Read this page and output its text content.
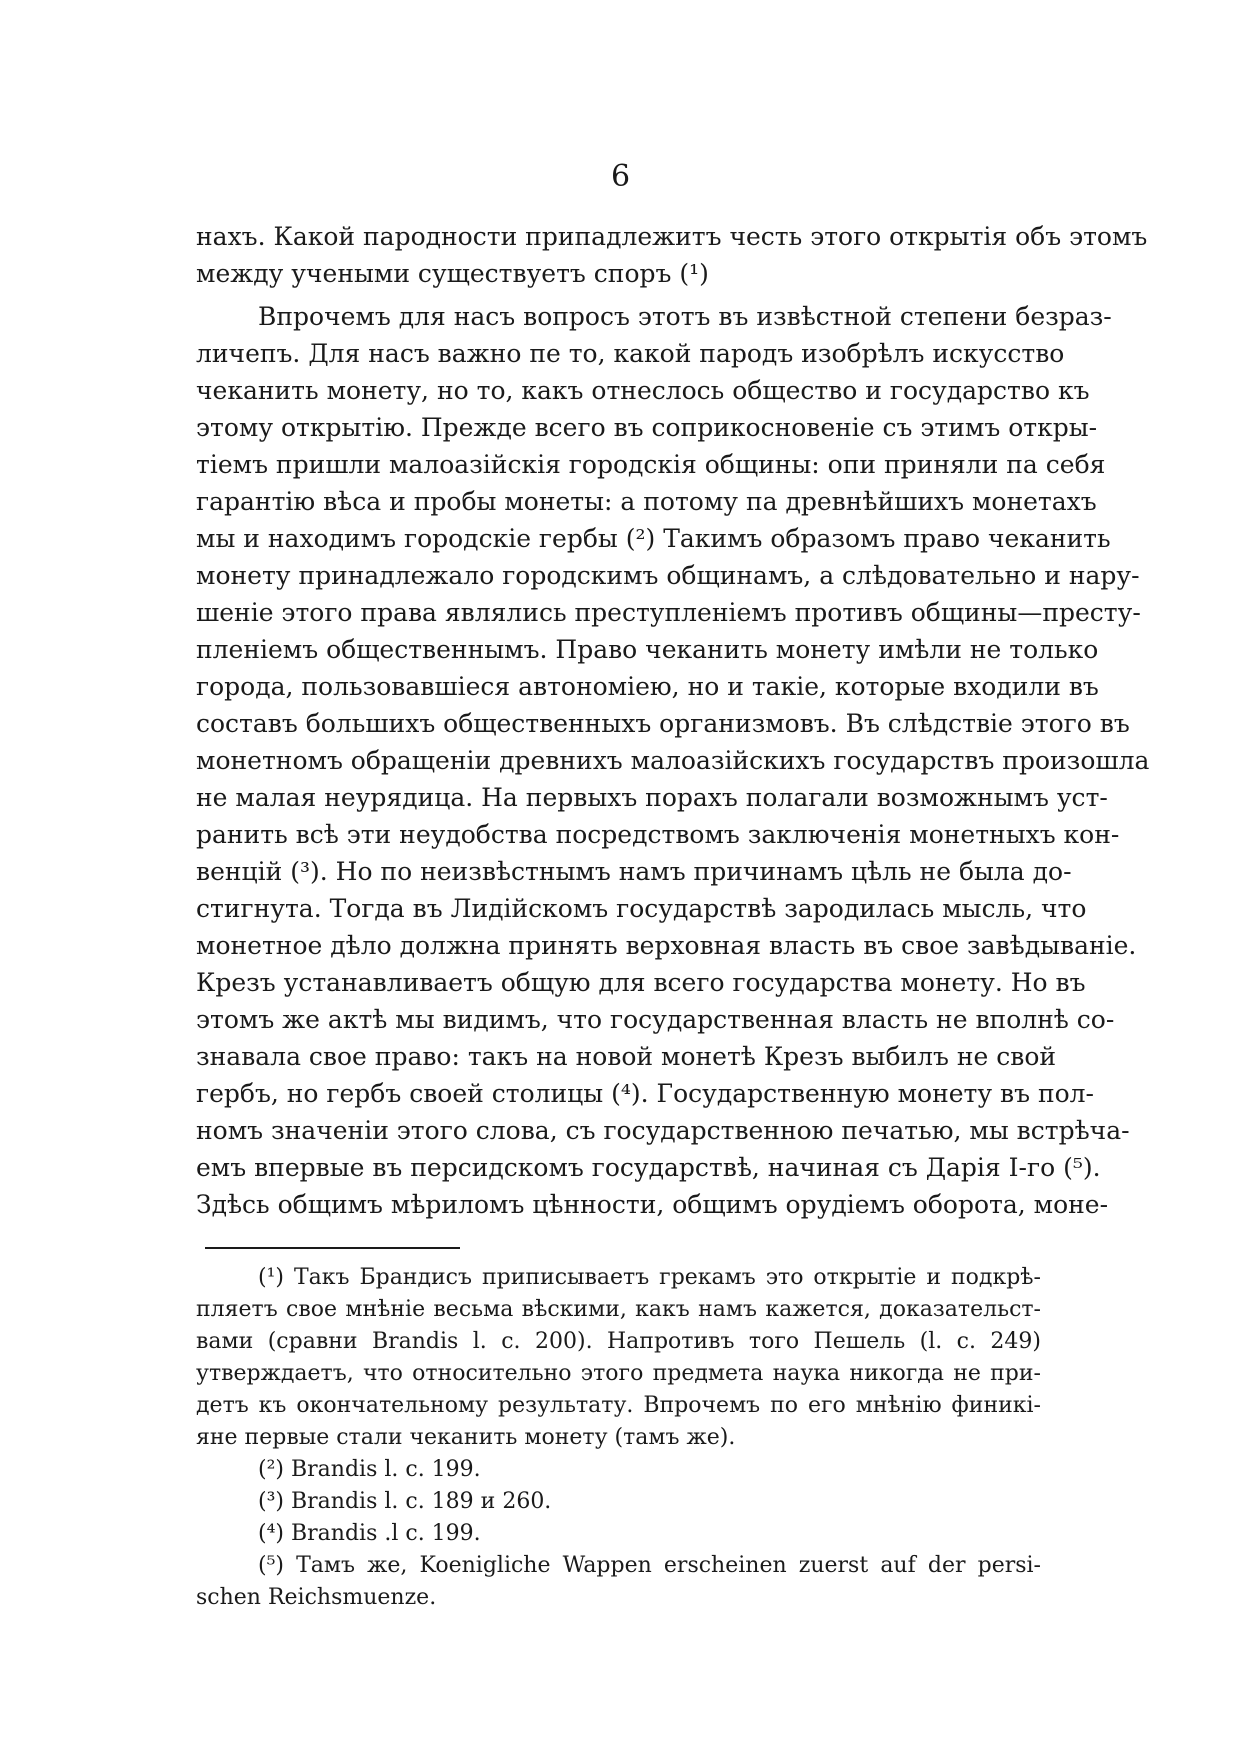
6
нахъ. Какой пародности припадлежитъ честь этого открытія объ этомъ
между учеными существуетъ споръ (¹)
Впрочемъ для насъ вопросъ этотъ въ извѣстной степени безраз-
личепъ. Для насъ важно пе то, какой пародъ изобрѣлъ искусство
чеканить монету, но то, какъ отнеслось общество и государство къ
этому открытію. Прежде всего въ соприкосновеніе съ этимъ откры-
тіемъ пришли малоазійскія городскія общины: опи приняли па себя
гарантію вѣса и пробы монеты: а потому па древнѣйшихъ монетахъ
мы и находимъ городскіе гербы (²) Такимъ образомъ право чеканить
монету принадлежало городскимъ общинамъ, а слѣдовательно и нару-
шеніе этого права являлись преступленіемъ противъ общины—престу-
пленіемъ общественнымъ. Право чеканить монету имѣли не только
города, пользовавшіеся автономіею, но и такіе, которые входили въ
составъ большихъ общественныхъ организмовъ. Въ слѣдствіе этого въ
монетномъ обращеніи древнихъ малоазійскихъ государствъ произошла
не малая неурядица. На первыхъ порахъ полагали возможнымъ уст-
ранить всѣ эти неудобства посредствомъ заключенія монетныхъ кон-
венцій (³). Но по неизвѣстнымъ намъ причинамъ цѣль не была до-
стигнута. Тогда въ Лидійскомъ государствѣ зародилась мысль, что
монетное дѣло должна принять верховная власть въ свое завѣдываніе.
Крезъ устанавливаетъ общую для всего государства монету. Но въ
этомъ же актѣ мы видимъ, что государственная власть не вполнѣ со-
знавала свое право: такъ на новой монетѣ Крезъ выбилъ не свой
гербъ, но гербъ своей столицы (⁴). Государственную монету въ пол-
номъ значеніи этого слова, съ государственною печатью, мы встрѣча-
емъ впервые въ персидскомъ государствѣ, начиная съ Дарія I-го (⁵).
Здѣсь общимъ мѣриломъ цѣнности, общимъ орудіемъ оборота, моне-
(¹) Такъ Брандисъ приписываетъ грекамъ это открытіе и подкрѣ-
пляетъ свое мнѣніе весьма вѣскими, какъ намъ кажется, доказательст-
вами (сравни Brandis l. c. 200). Напротивъ того Пешель (l. c. 249)
утверждаетъ, что относительно этого предмета наука никогда не при-
детъ къ окончательному результату. Впрочемъ по его мнѣнію финикі-
яне первые стали чеканить монету (тамъ же).
(²) Brandis l. c. 199.
(³) Brandis l. c. 189 и 260.
(⁴) Brandis .l c. 199.
(⁵) Тамъ же, Koenigliche Wappen erscheinen zuerst auf der persi-
schen Reichsmuenze.
